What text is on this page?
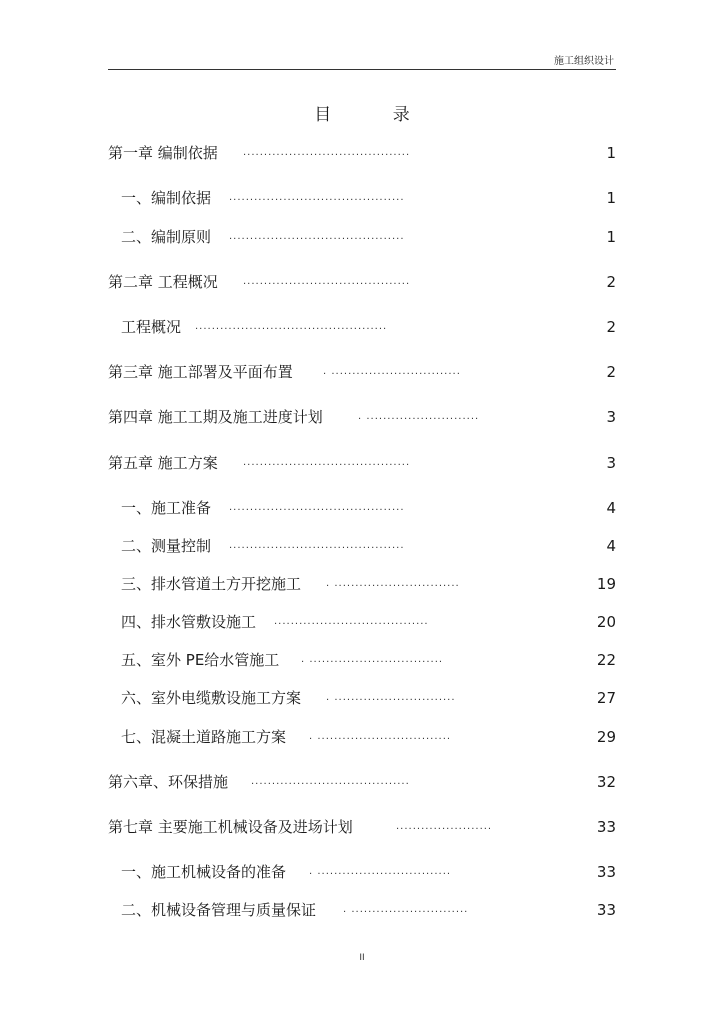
施工组织设计
目 录
第一章 编制依据	........................................	1
一、编制依据 ..........................................	1
二、编制原则 ..........................................	1
第二章 工程概况	........................................	2
工程概况 ..............................................	2
第三章 施工部署及平面布置	. ...............................	2
第四章 施工工期及施工进度计划	. ...........................	3
第五章 施工方案	........................................	3
一、施工准备 ..........................................	4
二、测量控制 ..........................................	4
三、排水管道土方开挖施工 . ..............................	19
四、排水管敷设施工 .....................................	20
五、室外 PE给水管施工 . ................................	22
六、室外电缆敷设施工方案 . .............................	27
七、混凝土道路施工方案 . ................................	29
第六章、环保措施 ......................................	32
第七章 主要施工机械设备及进场计划	.......................	33
一、施工机械设备的准备 . ................................	33
二、机械设备管理与质量保证	. ............................	33
II
